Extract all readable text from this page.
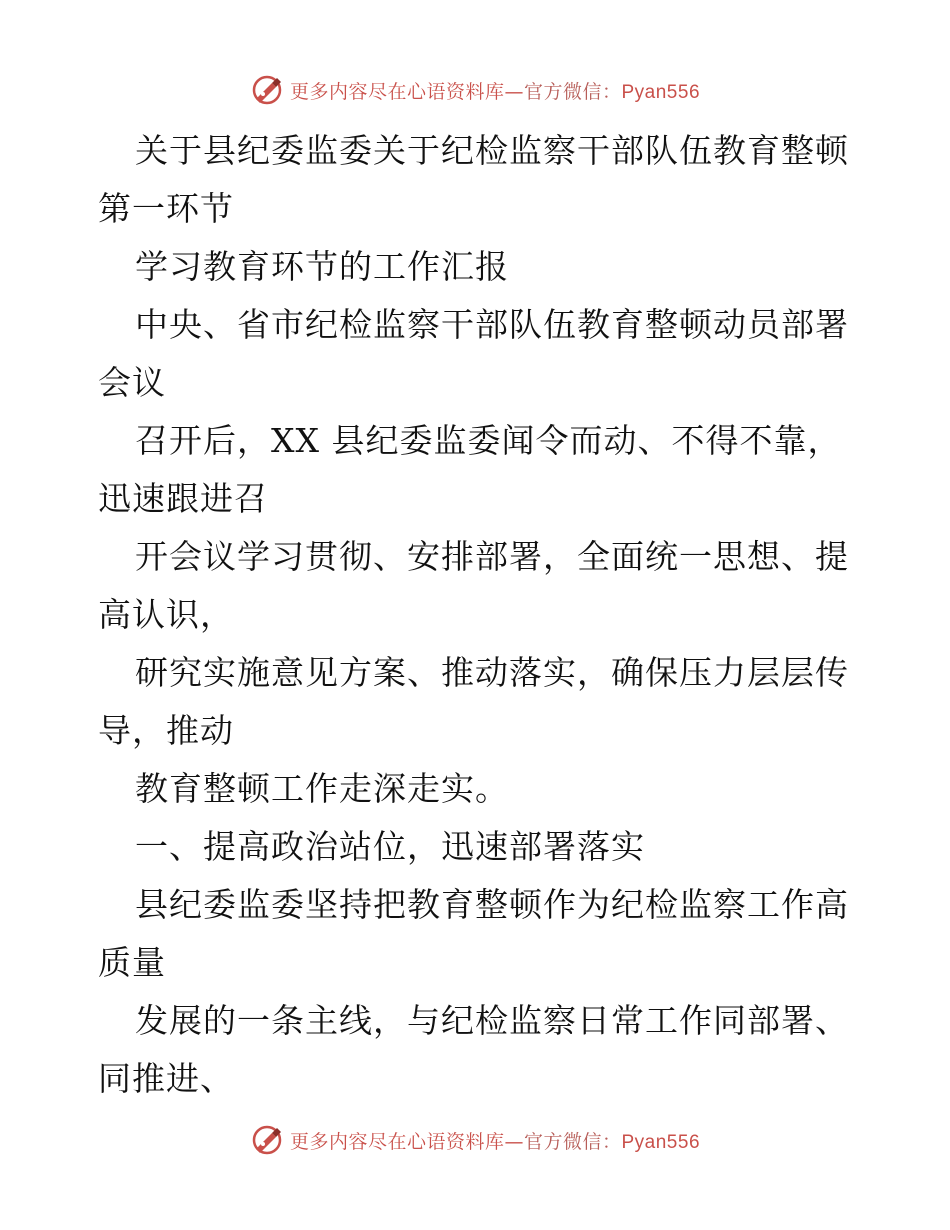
更多内容尽在心语资料库—官方微信：Pyan556
关于县纪委监委关于纪检监察干部队伍教育整顿
第一环节
学习教育环节的工作汇报
中央、省市纪检监察干部队伍教育整顿动员部署
会议
召开后，XX 县纪委监委闻令而动、不得不靠，
迅速跟进召
开会议学习贯彻、安排部署，全面统一思想、提
高认识，
研究实施意见方案、推动落实，确保压力层层传
导，推动
教育整顿工作走深走实。
一、提高政治站位，迅速部署落实
县纪委监委坚持把教育整顿作为纪检监察工作高
质量
发展的一条主线，与纪检监察日常工作同部署、
同推进、
更多内容尽在心语资料库—官方微信：Pyan556
